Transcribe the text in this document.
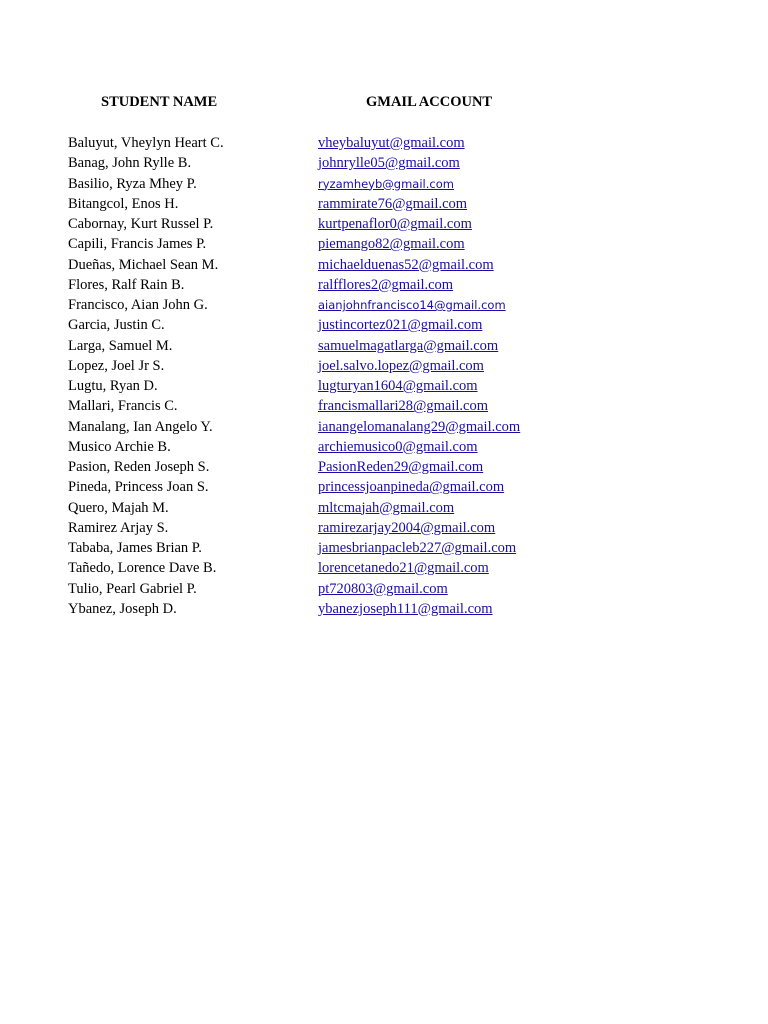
STUDENT NAME	GMAIL ACCOUNT
Baluyut, Vheylyn Heart C.	vheybaluyut@gmail.com
Banag, John Rylle B.	johnrylle05@gmail.com
Basilio, Ryza Mhey P.	ryzamheyb@gmail.com
Bitangcol, Enos H.	rammirate76@gmail.com
Cabornay, Kurt Russel P.	kurtpenaflor0@gmail.com
Capili, Francis James P.	piemango82@gmail.com
Dueñas, Michael Sean M.	michaelduenas52@gmail.com
Flores, Ralf Rain B.	ralfflores2@gmail.com
Francisco, Aian John G.	aianjohnfrancisco14@gmail.com
Garcia, Justin C.	justincortez021@gmail.com
Larga, Samuel M.	samuelmagatlarga@gmail.com
Lopez, Joel Jr S.	joel.salvo.lopez@gmail.com
Lugtu, Ryan D.	lugturyan1604@gmail.com
Mallari, Francis C.	francismallari28@gmail.com
Manalang, Ian Angelo Y.	ianangelomanalang29@gmail.com
Musico Archie B.	archiemusico0@gmail.com
Pasion, Reden Joseph S.	PasionReden29@gmail.com
Pineda, Princess Joan S.	princessjoanpineda@gmail.com
Quero, Majah M.	mltcmajah@gmail.com
Ramirez Arjay S.	ramirezarjay2004@gmail.com
Tababa, James Brian P.	jamesbrianpacleb227@gmail.com
Tañedo, Lorence Dave B.	lorencetanedo21@gmail.com
Tulio, Pearl Gabriel P.	pt720803@gmail.com
Ybanez, Joseph D.	ybanezjoseph111@gmail.com
